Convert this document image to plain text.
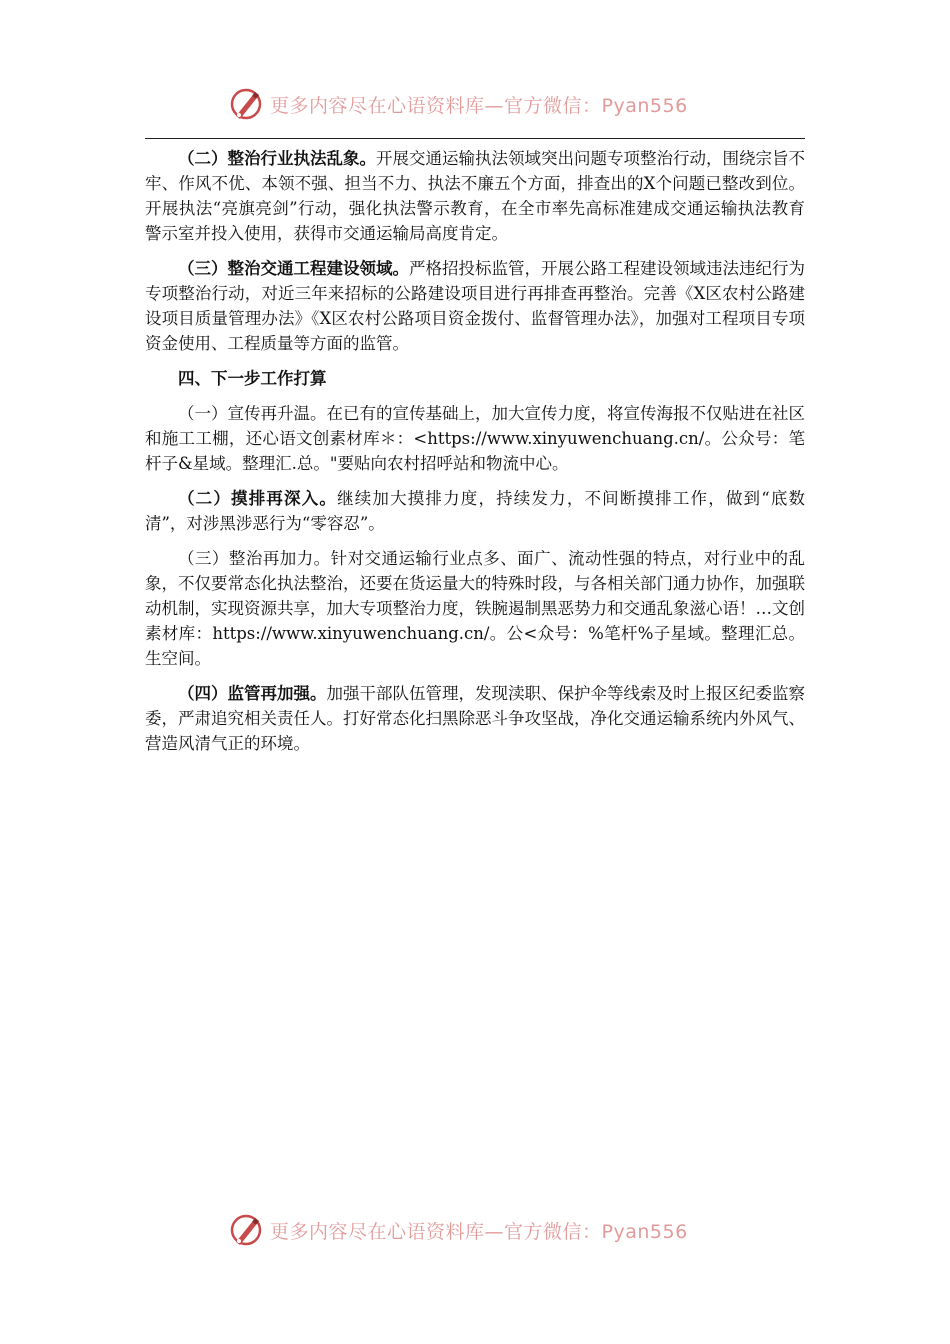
更多内容尽在心语资料库—官方微信：Pyan556

（二）整治行业执法乱象。开展交通运输执法领域突出问题专项整治行动，围绕宗旨不牢、作风不优、本领不强、担当不力、执法不廉五个方面，排查出的X个问题已整改到位。开展执法“亮旗亮剑”行动，强化执法警示教育，在全市率先高标准建成交通运输执法教育警示室并投入使用，获得市交通运输局高度肯定。

（三）整治交通工程建设领域。严格招投标监管，开展公路工程建设领域违法违纪行为专项整治行动，对近三年来招标的公路建设项目进行再排查再整治。完善《X区农村公路建设项目质量管理办法》《X区农村公路项目资金拨付、监督管理办法》，加强对工程项目专项资金使用、工程质量等方面的监管。

四、下一步工作打算

（一）宣传再升温。在已有的宣传基础上，加大宣传力度，将宣传海报不仅贴进在社区和施工工棚，还心语文创素材库＊：<https://www.xinyuwenchuang.cn/。公众号：笔杆子&星域。整理汇.总。"要贴向农村招呼站和物流中心。

（二）摸排再深入。继续加大摸排力度，持续发力，不间断摸排工作，做到“底数清”，对涉黑涉恶行为“零容忍”。

（三）整治再加力。针对交通运输行业点多、面广、流动性强的特点，对行业中的乱象，不仅要常态化执法整治，还要在货运量大的特殊时段，与各相关部门通力协作，加强联动机制，实现资源共享，加大专项整治力度，铁腕遏制黑恶势力和交通乱象滋心语！…文创素材库：https://www.xinyuwenchuang.cn/。公<众号：%笔杆%子星域。整理汇总。生空间。

（四）监管再加强。加强干部队伍管理，发现渎职、保护伞等线索及时上报区纪委监察委，严肃追究相关责任人。打好常态化扫黑除恶斗争攻坚战，净化交通运输系统内外风气、营造风清气正的环境。

更多内容尽在心语资料库—官方微信：Pyan556
